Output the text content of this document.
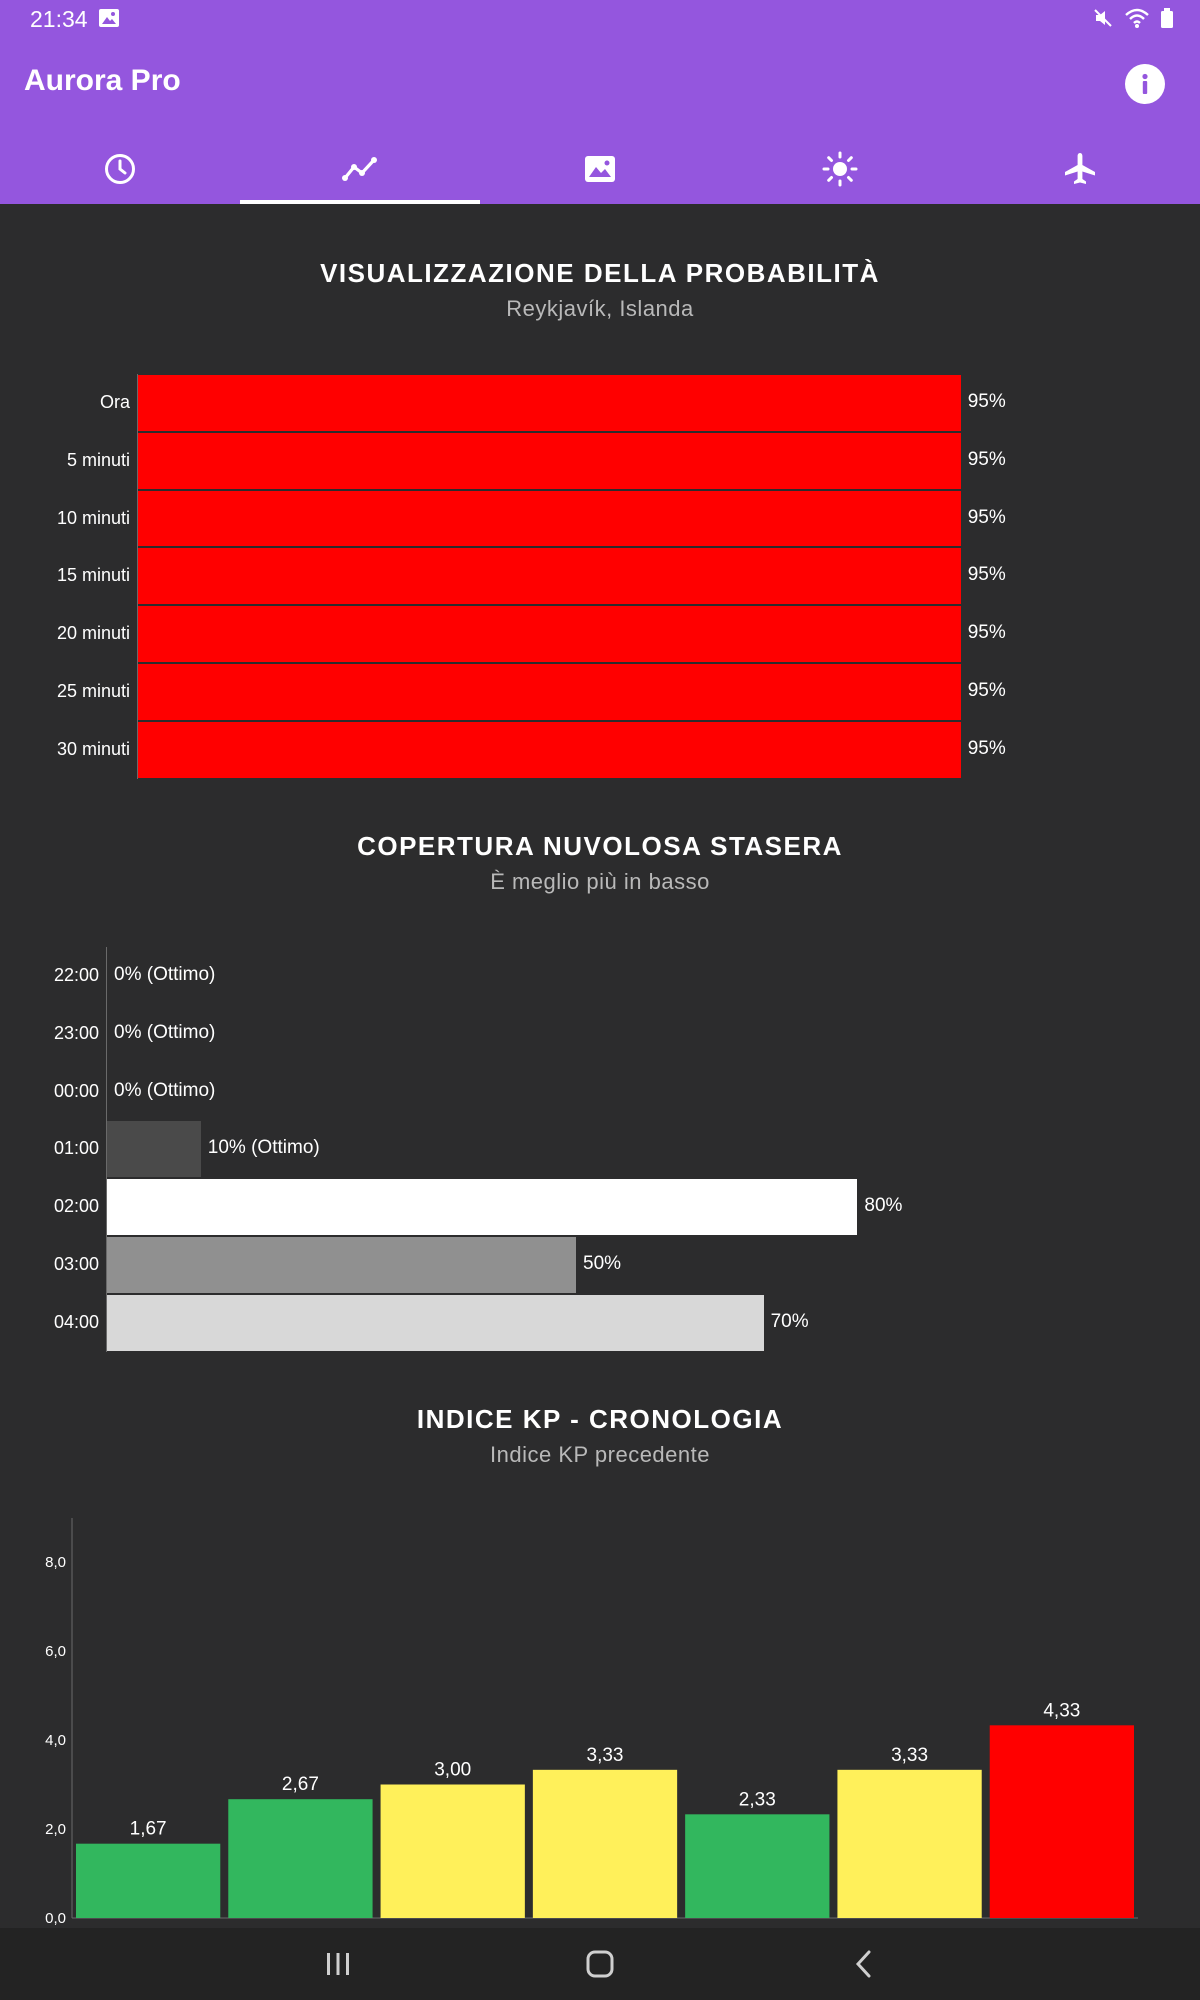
21:34
Aurora Pro
VISUALIZZAZIONE DELLA PROBABILITÀ
Reykjavík, Islanda
COPERTURA NUVOLOSA STASERA
È meglio più in basso
INDICE KP - CRONOLOGIA
Indice KP precedente
0,0
2,0
4,0
6,0
8,0
1,67
2,67
3,00
3,33
2,33
3,33
4,33
Ora	95%
5 minuti	95%
10 minuti	95%
15 minuti	95%
20 minuti	95%
25 minuti	95%
30 minuti	95%
22:00 0% (Ottimo)
23:00 0% (Ottimo)
00:00 0% (Ottimo)
01:00	10% (Ottimo)
02:00	80%
03:00	50%
04:00	70%
